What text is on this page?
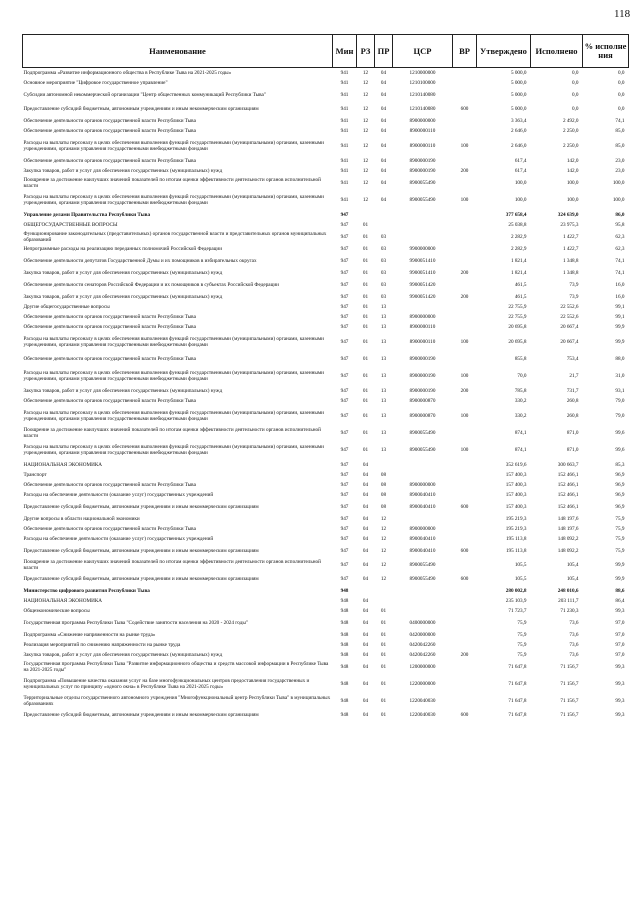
118
Наименование	Мин	РЗ	ПР	ЦСР	ВР	Утверждено	Исполнено	% исполне ния
Подпрограмма «Развитие информационного общества в Республике Тыва на 2021-2025 годы»	941	12	04	1210000000		5 000,0	0,0	0,0
Основное мероприятие "Цифровое государственное управление"	941	12	04	1210100000		5 000,0	0,0	0,0
Субсидии автономной некоммерческой организации "Центр общественных коммуникаций Республики Тыва"	941	12	04	1210140080		5 000,0	0,0	0,0
Предоставление субсидий бюджетным, автономным учреждениям и иным некоммерческим организациям	941	12	04	1210140080	600	5 000,0	0,0	0,0
Обеспечение деятельности органов государственной власти Республики Тыва	941	12	04	8900000000		3 363,4	2 492,0	74,1
Обеспечение деятельности органов государственной власти Республики Тыва	941	12	04	8900000110		2 646,0	2 250,0	85,0
Расходы на выплаты персоналу в целях обеспечения выполнения функций государственными (муниципальными) органами, казенными учреждениями, органами управления государственными внебюджетными фондами	941	12	04	8900000110	100	2 646,0	2 250,0	85,0
Обеспечение деятельности органов государственной власти Республики Тыва	941	12	04	8900000190		617,4	142,0	23,0
Закупка товаров, работ и услуг для обеспечения государственных (муниципальных) нужд	941	12	04	8900000190	200	617,4	142,0	23,0
Поощрение за достижение наилучших значений показателей по итогам оценки эффективности деятельности органов исполнительной власти	941	12	04	8900055490		100,0	100,0	100,0
Расходы на выплаты персоналу в целях обеспечения выполнения функций государственными (муниципальными) органами, казенными учреждениями, органами управления государственными внебюджетными фондами	941	12	04	8900055490	100	100,0	100,0	100,0
Управление делами Правительства Республики Тыва	947					377 658,4	324 639,0	86,0
ОБЩЕГОСУДАРСТВЕННЫЕ ВОПРОСЫ	947	01				25 038,8	23 975,3	95,8
Функционирование законодательных (представительных) органов государственной власти и представительных органов муниципальных образований	947	01	03			2 282,9	1 422,7	62,3
Непрограммные расходы на реализацию переданных полномочий Российской Федерации	947	01	03	9900000000		2 282,9	1 422,7	62,3
Обеспечение деятельности депутатов Государственной Думы и их помощников в избирательных округах	947	01	03	9900051410		1 821,4	1 348,8	74,1
Закупка товаров, работ и услуг для обеспечения государственных (муниципальных) нужд	947	01	03	9900051410	200	1 821,4	1 348,8	74,1
Обеспечение деятельности сенаторов Российской Федерации и их помощников в субъектах Российской Федерации	947	01	03	9900051420		461,5	73,9	16,0
Закупка товаров, работ и услуг для обеспечения государственных (муниципальных) нужд	947	01	03	9900051420	200	461,5	73,9	16,0
Другие общегосударственные вопросы	947	01	13			22 755,9	22 552,6	99,1
Обеспечение деятельности органов государственной власти Республики Тыва	947	01	13	8900000000		22 755,9	22 552,6	99,1
Обеспечение деятельности органов государственной власти Республики Тыва	947	01	13	8900000110		20 695,8	20 667,4	99,9
Расходы на выплаты персоналу в целях обеспечения выполнения функций государственными (муниципальными) органами, казенными учреждениями, органами управления государственными внебюджетными фондами	947	01	13	8900000110	100	20 695,8	20 667,4	99,9
Обеспечение деятельности органов государственной власти Республики Тыва	947	01	13	8900000190		855,8	753,4	88,0
Расходы на выплаты персоналу в целях обеспечения выполнения функций государственными (муниципальными) органами, казенными учреждениями, органами управления государственными внебюджетными фондами	947	01	13	8900000190	100	70,0	21,7	31,0
Закупка товаров, работ и услуг для обеспечения государственных (муниципальных) нужд	947	01	13	8900000190	200	785,8	731,7	93,1
Обеспечение деятельности органов государственной власти Республики Тыва	947	01	13	8900000870		330,2	260,8	79,0
Расходы на выплаты персоналу в целях обеспечения выполнения функций государственными (муниципальными) органами, казенными учреждениями, органами управления государственными внебюджетными фондами	947	01	13	8900000870	100	330,2	260,8	79,0
Поощрение за достижение наилучших значений показателей по итогам оценки эффективности деятельности органов исполнительной власти	947	01	13	8900055490		874,1	871,0	99,6
Расходы на выплаты персоналу в целях обеспечения выполнения функций государственными (муниципальными) органами, казенными учреждениями, органами управления государственными внебюджетными фондами	947	01	13	8900055490	100	874,1	871,0	99,6
НАЦИОНАЛЬНАЯ ЭКОНОМИКА	947	04				352 619,6	300 663,7	85,3
Транспорт	947	04	08			157 400,3	152 466,1	96,9
Обеспечение деятельности органов государственной власти Республики Тыва	947	04	08	8900000000		157 400,3	152 466,1	96,9
Расходы на обеспечение деятельности (оказание услуг) государственных учреждений	947	04	08	8900040410		157 400,3	152 466,1	96,9
Предоставление субсидий бюджетным, автономным учреждениям и иным некоммерческим организациям	947	04	08	8900040410	600	157 400,3	152 466,1	96,9
Другие вопросы в области национальной экономики	947	04	12			195 219,3	148 197,6	75,9
Обеспечение деятельности органов государственной власти Республики Тыва	947	04	12	8900000000		195 219,3	148 197,6	75,9
Расходы на обеспечение деятельности (оказание услуг) государственных учреждений	947	04	12	8900040410		195 113,8	148 092,2	75,9
Предоставление субсидий бюджетным, автономным учреждениям и иным некоммерческим организациям	947	04	12	8900040410	600	195 113,8	148 092,2	75,9
Поощрение за достижение наилучших значений показателей по итогам оценки эффективности деятельности органов исполнительной власти	947	04	12	8900055490		105,5	105,4	99,9
Предоставление субсидий бюджетным, автономным учреждениям и иным некоммерческим организациям	947	04	12	8900055490	600	105,5	105,4	99,9
Министерство цифрового развития Республики Тыва	948					280 002,8	248 010,6	88,6
НАЦИОНАЛЬНАЯ ЭКОНОМИКА	948	04				235 103,9	203 111,7	86,4
Общеэкономические вопросы	948	04	01			71 723,7	71 230,3	99,3
Государственная программа Республики Тыва "Содействие занятости населения на 2020 - 2024 годы"	948	04	01	0400000000		75,9	73,6	97,0
Подпрограмма «Снижение напряженности на рынке труда»	948	04	01	0420000000		75,9	73,6	97,0
Реализация мероприятий по снижению напряженности на рынке труда	948	04	01	0420042260		75,9	73,6	97,0
Закупка товаров, работ и услуг для обеспечения государственных (муниципальных) нужд	948	04	01	0420042260	200	75,9	73,6	97,0
Государственная программа Республики Тыва "Развитие информационного общества и средств массовой информации в Республике Тыва на 2021-2025 годы"	948	04	01	1200000000		71 647,8	71 156,7	99,3
Подпрограмма «Повышение качества оказания услуг на базе многофункциональных центров предоставления государственных и муниципальных услуг по принципу «одного окна» в Республике Тыва на 2021-2025 годы»	948	04	01	1220000000		71 647,8	71 156,7	99,3
Территориальные отделы государственного автономного учреждения "Многофункциональный центр Республики Тыва" в муниципальных образованиях	948	04	01	1220040030		71 647,8	71 156,7	99,3
Предоставление субсидий бюджетным, автономным учреждениям и иным некоммерческим организациям	948	04	01	1220040030	600	71 647,8	71 156,7	99,3
